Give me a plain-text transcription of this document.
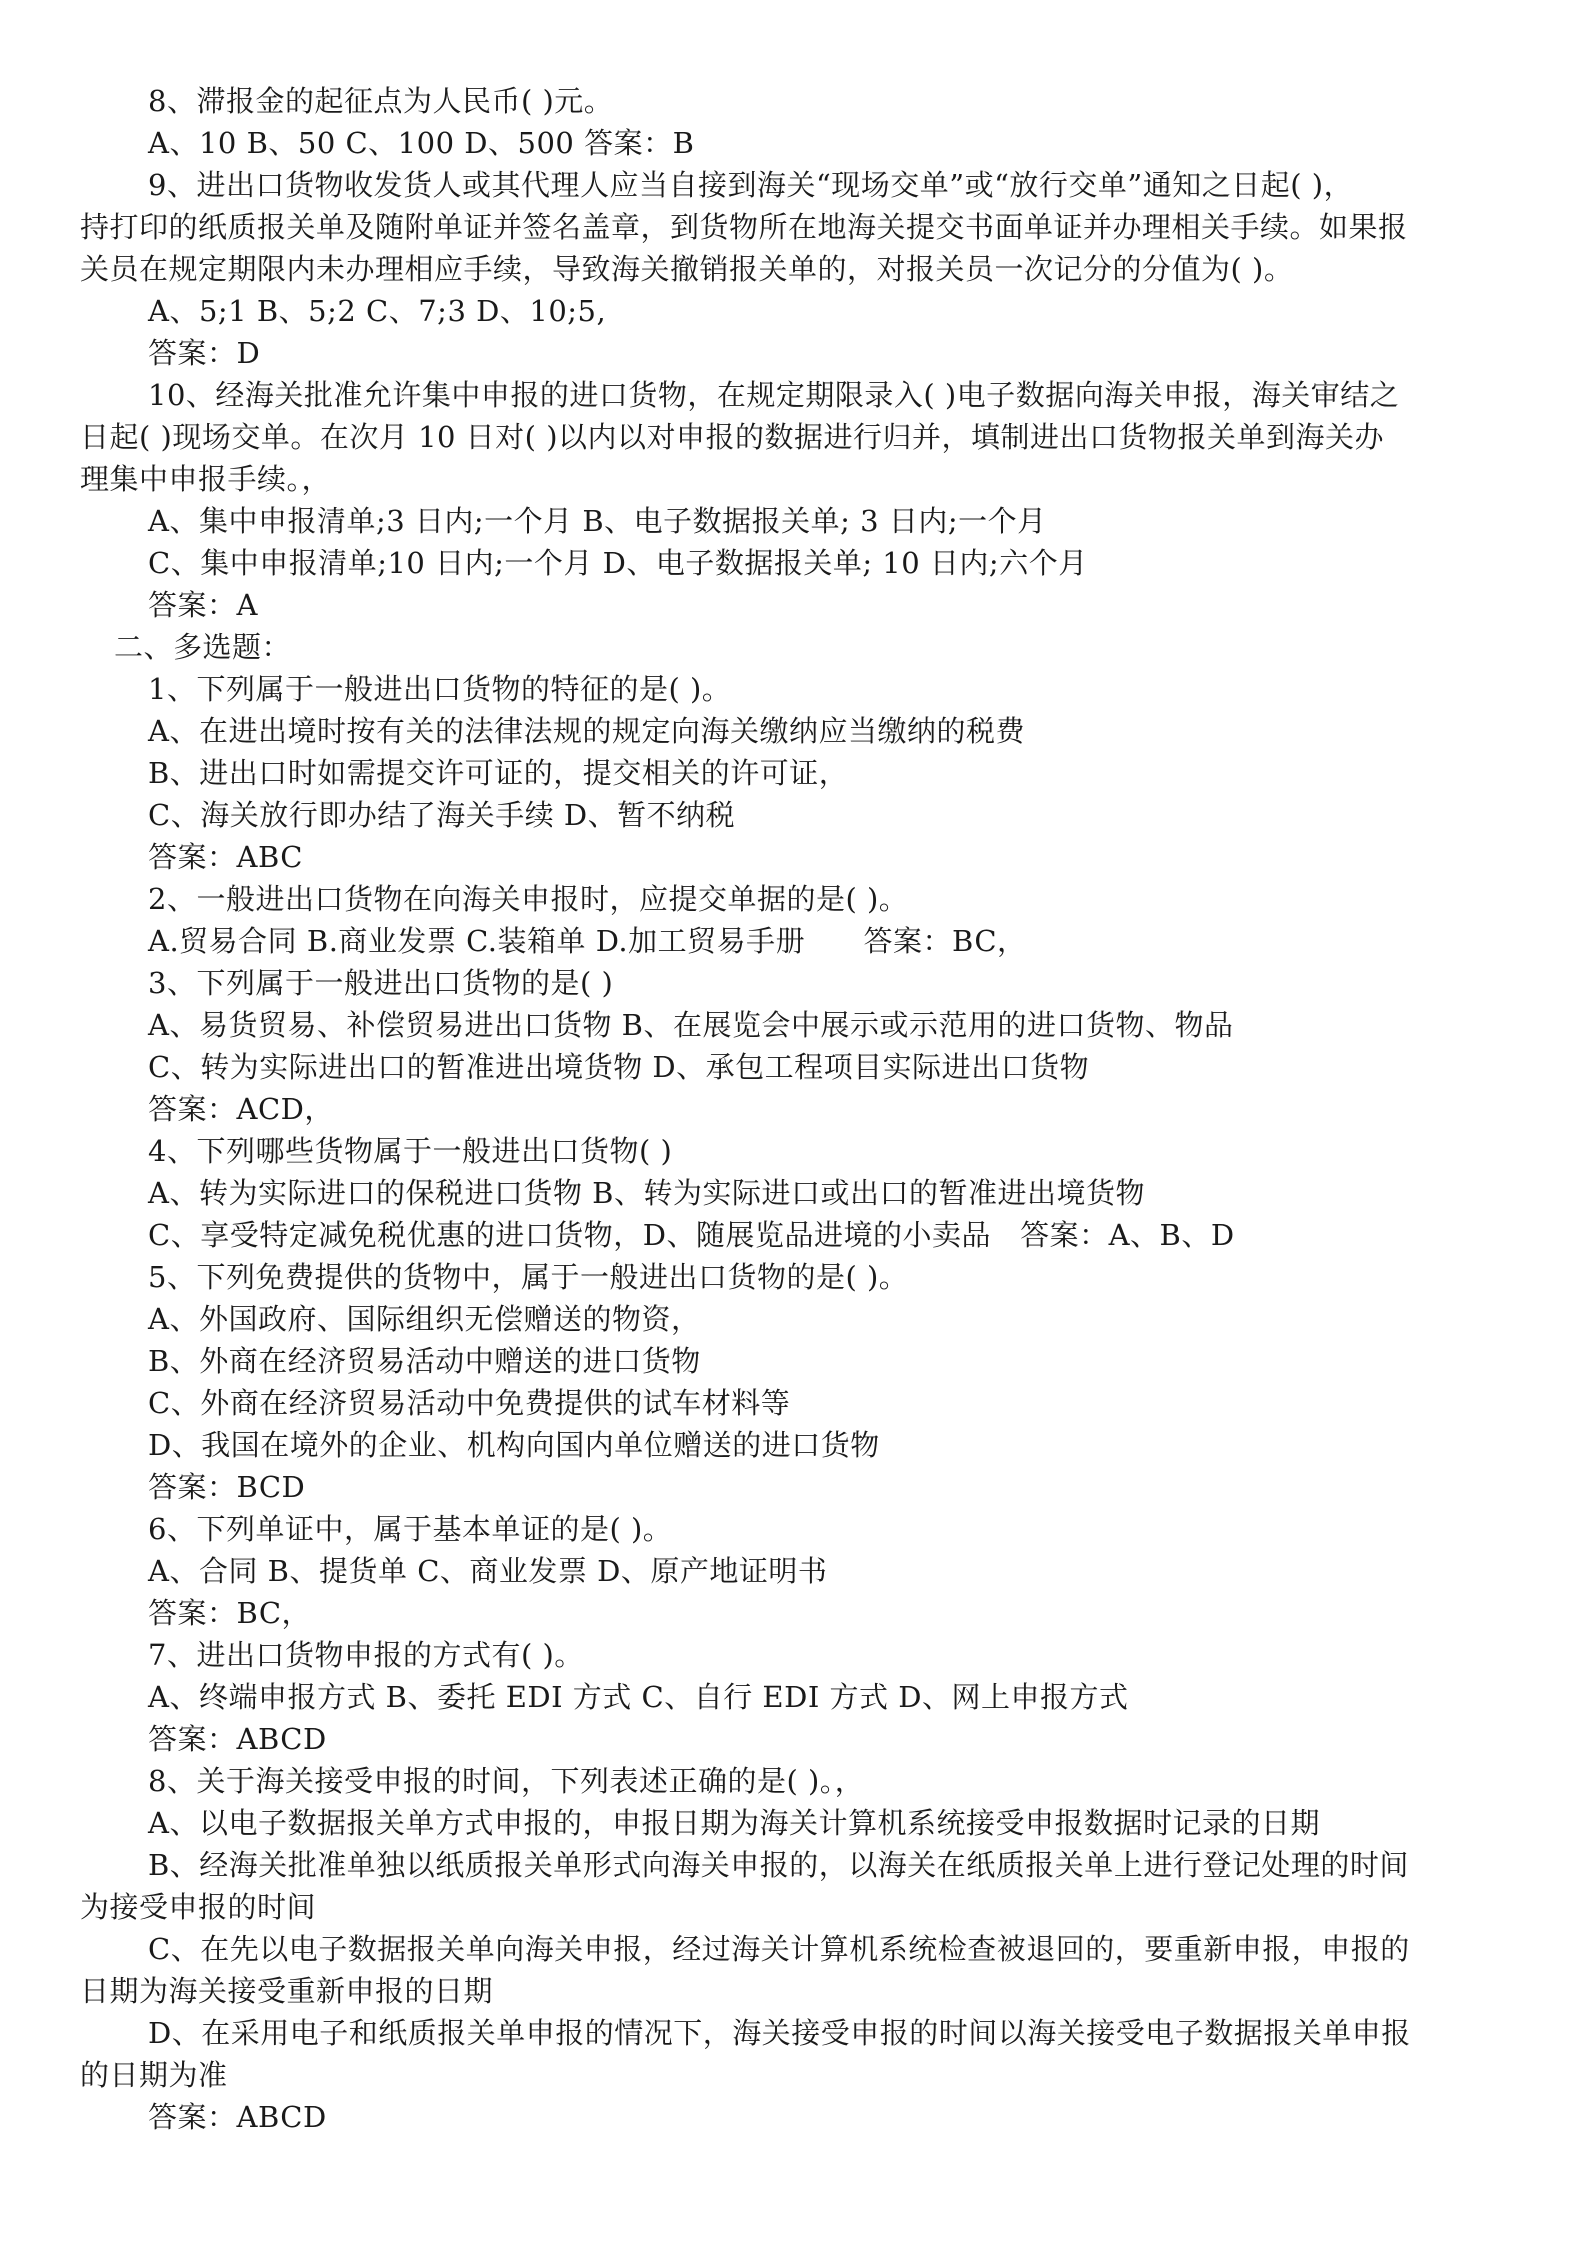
8、滞报金的起征点为人民币( )元。
A、10 B、50 C、100 D、500 答案：B
9、进出口货物收发货人或其代理人应当自接到海关“现场交单”或“放行交单”通知之日起( )，
持打印的纸质报关单及随附单证并签名盖章，到货物所在地海关提交书面单证并办理相关手续。如果报
关员在规定期限内未办理相应手续，导致海关撤销报关单的，对报关员一次记分的分值为( )。
A、5;1 B、5;2 C、7;3 D、10;5,
答案：D
10、经海关批准允许集中申报的进口货物，在规定期限录入( )电子数据向海关申报，海关审结之
日起( )现场交单。在次月 10 日对( )以内以对申报的数据进行归并，填制进出口货物报关单到海关办
理集中申报手续。，
A、集中申报清单;3 日内;一个月 B、电子数据报关单; 3 日内;一个月
C、集中申报清单;10 日内;一个月 D、电子数据报关单; 10 日内;六个月
答案：A
二、多选题：
1、下列属于一般进出口货物的特征的是( )。
A、在进出境时按有关的法律法规的规定向海关缴纳应当缴纳的税费
B、进出口时如需提交许可证的，提交相关的许可证，
C、海关放行即办结了海关手续 D、暂不纳税
答案：ABC
2、一般进出口货物在向海关申报时，应提交单据的是( )。
A.贸易合同 B.商业发票 C.装箱单 D.加工贸易手册      答案：BC，
3、下列属于一般进出口货物的是( )
A、易货贸易、补偿贸易进出口货物 B、在展览会中展示或示范用的进口货物、物品
C、转为实际进出口的暂准进出境货物 D、承包工程项目实际进出口货物
答案：ACD，
4、下列哪些货物属于一般进出口货物( )
A、转为实际进口的保税进口货物 B、转为实际进口或出口的暂准进出境货物
C、享受特定减免税优惠的进口货物，D、随展览品进境的小卖品   答案：A、B、D
5、下列免费提供的货物中，属于一般进出口货物的是( )。
A、外国政府、国际组织无偿赠送的物资，
B、外商在经济贸易活动中赠送的进口货物
C、外商在经济贸易活动中免费提供的试车材料等
D、我国在境外的企业、机构向国内单位赠送的进口货物
答案：BCD
6、下列单证中，属于基本单证的是( )。
A、合同 B、提货单 C、商业发票 D、原产地证明书
答案：BC，
7、进出口货物申报的方式有( )。
A、终端申报方式 B、委托 EDI 方式 C、自行 EDI 方式 D、网上申报方式
答案：ABCD
8、关于海关接受申报的时间，下列表述正确的是( )。，
A、以电子数据报关单方式申报的，申报日期为海关计算机系统接受申报数据时记录的日期
B、经海关批准单独以纸质报关单形式向海关申报的，以海关在纸质报关单上进行登记处理的时间
为接受申报的时间
C、在先以电子数据报关单向海关申报，经过海关计算机系统检查被退回的，要重新申报，申报的
日期为海关接受重新申报的日期
D、在采用电子和纸质报关单申报的情况下，海关接受申报的时间以海关接受电子数据报关单申报
的日期为准
答案：ABCD
